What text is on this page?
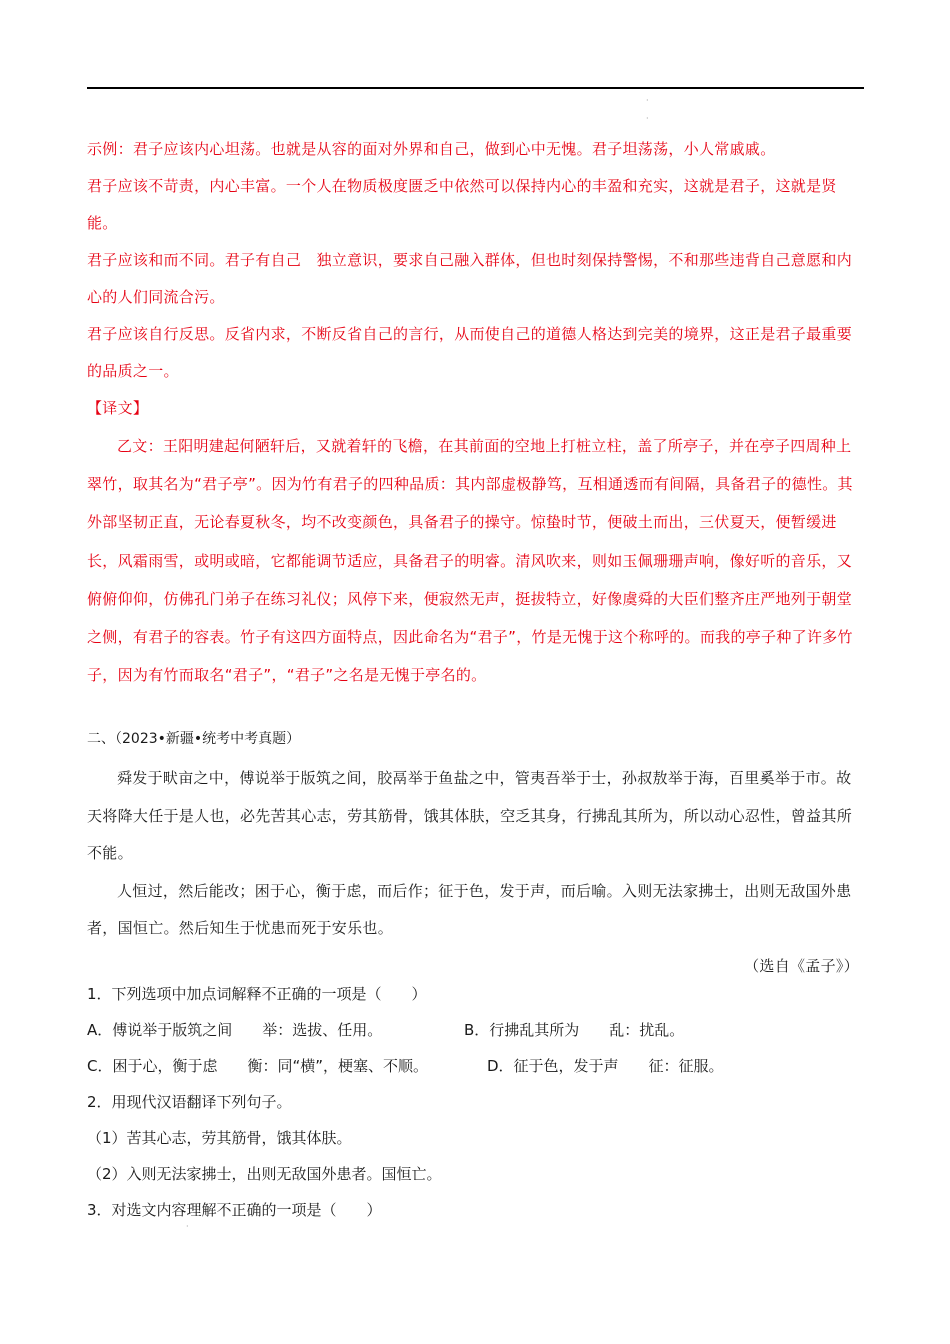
·
·

示例：君子应该内心坦荡。也就是从容的面对外界和自己，做到心中无愧。君子坦荡荡，小人常戚戚。

君子应该不苛责，内心丰富。一个人在物质极度匮乏中依然可以保持内心的丰盈和充实，这就是君子，这就是贤能。

君子应该和而不同。君子有自己　独立意识，要求自己融入群体，但也时刻保持警惕，不和那些违背自己意愿和内心的人们同流合污。

君子应该自行反思。反省内求，不断反省自己的言行，从而使自己的道德人格达到完美的境界，这正是君子最重要的品质之一。

【译文】

乙文：王阳明建起何陋轩后，又就着轩的飞檐，在其前面的空地上打桩立柱，盖了所亭子，并在亭子四周种上翠竹，取其名为“君子亭”。因为竹有君子的四种品质：其内部虚极静笃，互相通透而有间隔，具备君子的德性。其外部坚韧正直，无论春夏秋冬，均不改变颜色，具备君子的操守。惊蛰时节，便破土而出，三伏夏天，便暂缓进长，风霜雨雪，或明或暗，它都能调节适应，具备君子的明睿。清风吹来，则如玉佩珊珊声响，像好听的音乐，又俯俯仰仰，仿佛孔门弟子在练习礼仪；风停下来，便寂然无声，挺拔特立，好像虞舜的大臣们整齐庄严地列于朝堂之侧，有君子的容表。竹子有这四方面特点，因此命名为“君子”，竹是无愧于这个称呼的。而我的亭子种了许多竹子，因为有竹而取名“君子”，“君子”之名是无愧于亭名的。

二、（2023•新疆•统考中考真题）

舜发于畎亩之中，傅说举于版筑之间，胶鬲举于鱼盐之中，管夷吾举于士，孙叔敖举于海，百里奚举于市。故天将降大任于是人也，必先苦其心志，劳其筋骨，饿其体肤，空乏其身，行拂乱其所为，所以动心忍性，曾益其所不能。

人恒过，然后能改；困于心，衡于虑，而后作；征于色，发于声，而后喻。入则无法家拂士，出则无敌国外患者，国恒亡。然后知生于忧患而死于安乐也。

（选自《孟子》）

1．下列选项中加点词解释不正确的一项是（　　）

A．傅说举于版筑之间　　举：选拔、任用。	B．行拂乱其所为　　乱：扰乱。
C．困于心，衡于虑　　衡：同“横”，梗塞、不顺。	D．征于色，发于声　　征：征服。

2．用现代汉语翻译下列句子。

（1）苦其心志，劳其筋骨，饿其体肤。

（2）入则无法家拂士，出则无敌国外患者。国恒亡。

3．对选文内容理解不正确的一项是（　　）

·
